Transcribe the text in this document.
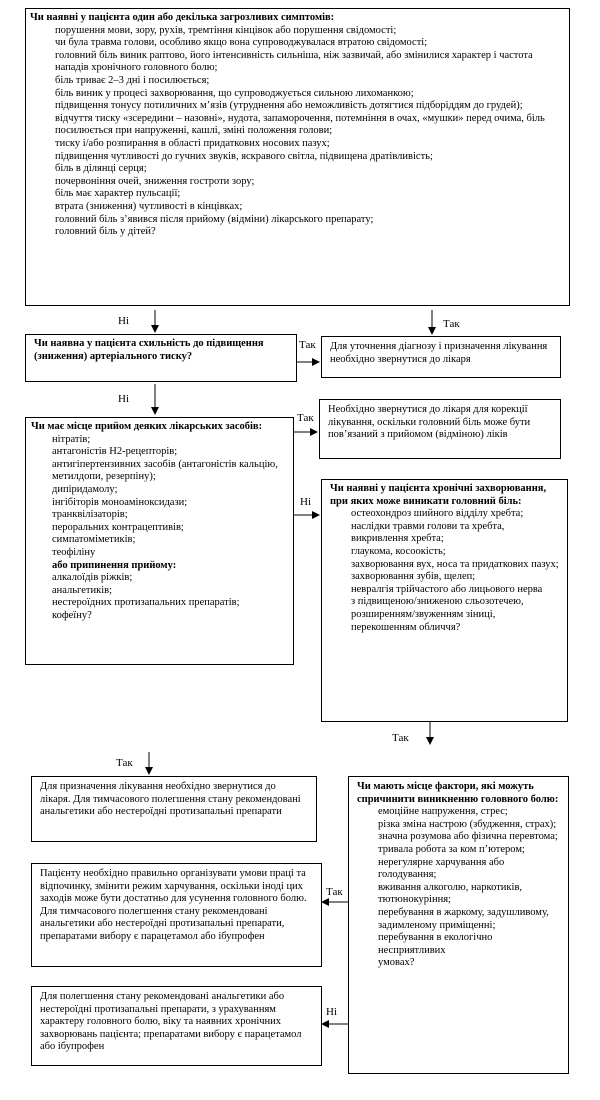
Чи наявні у пацієнта один або декілька загрозливих симптомів:
порушення мови, зору, рухів, тремтіння кінцівок або порушення свідомості;
чи була травма голови, особливо якщо вона супроводжувалася втратою свідомості;
головний біль виник раптово, його інтенсивність сильніша, ніж зазвичай, або змінилися характер і частота
нападів хронічного головного болю;
біль триває 2–3 дні і посилюється;
біль виник у процесі захворювання, що супроводжується сильною лихоманкою;
підвищення тонусу потиличних м’язів (утруднення або неможливість дотягтися підборіддям до грудей);
відчуття тиску «зсередини – назовні», нудота, запаморочення, потемніння в очах, «мушки» перед очима, біль
посилюється при напруженні, кашлі, зміні положення голови;
тиску і/або розпирання в області придаткових носових пазух;
підвищення чутливості до гучних звуків, яскравого світла, підвищена дратівливість;
біль в ділянці серця;
почервоніння очей, зниження гостроти зору;
біль має характер пульсації;
втрата (зниження) чутливості в кінцівках;
головний біль з’явився після прийому (відміни) лікарського препарату;
головний біль у дітей?
Ні	Так
Чи наявна у пацієнта схильність до підвищення (зниження) артеріального тиску?
Так Для уточнення діагнозу і призначення лікування необхідно звернутися до лікаря
Ні
Чи має місце прийом деяких лікарських засобів:
нітратів;
антагоністів Н2-рецепторів;
антигіпертензивних засобів (антагоністів кальцію, метилдопи, резерпіну);
дипіридамолу;
інгібіторів моноаміноксидази;
транквілізаторів;
пероральних контрацептивів;
симпатоміметиків;
теофіліну
або припинення прийому:
алкалоїдів ріжків;
анальгетиків;
нестероїдних протизапальних препаратів;
кофеїну?
Так
Необхідно звернутися до лікаря для корекції лікування, оскільки головний біль може бути пов’язаний з прийомом (відміною) ліків
Ні
Чи наявні у пацієнта хронічні захворювання, при яких може виникати головний біль:
остеохондроз шийного відділу хребта;
наслідки травми голови та хребта,
викривлення хребта;
глаукома, косоокість;
захворювання вух, носа та придаткових пазух;
захворювання зубів, щелеп;
невралгія трійчастого або лицьового нерва
з підвищеною/зниженою сльозотечею, розширенням/звуженням зіниці, перекошенням обличчя?
Так
Так
Для призначення лікування необхідно звернутися до лікаря. Для тимчасового полегшення стану рекомендовані анальгетики або нестероїдні протизапальні препарати
Чи мають місце фактори, які можуть спричинити виникненню головного болю:
емоційне напруження, стрес;
різка зміна настрою (збудження, страх);
значна розумова або фізична перевтома;
тривала робота за ком п’ютером;
нерегулярне харчування або голодування;
вживання алкоголю, наркотиків, тютюнокуріння;
перебування в жаркому, задушливому,
задимленому приміщенні;
перебування в екологічно несприятливих
умовах?
Так
Пацієнту необхідно правильно організувати умови праці та відпочинку, змінити режим харчування, оскільки іноді цих заходів може бути достатньо для усунення головного болю. Для тимчасового полегшення стану рекомендовані анальгетики або нестероїдні протизапальні препарати, препаратами вибору є парацетамол або ібупрофен
Ні
Для полегшення стану рекомендовані анальгетики або нестероїдні протизапальні препарати, з урахуванням характеру головного болю, віку та наявних хронічних захворювань пацієнта; препаратами вибору є парацетамол або ібупрофен
